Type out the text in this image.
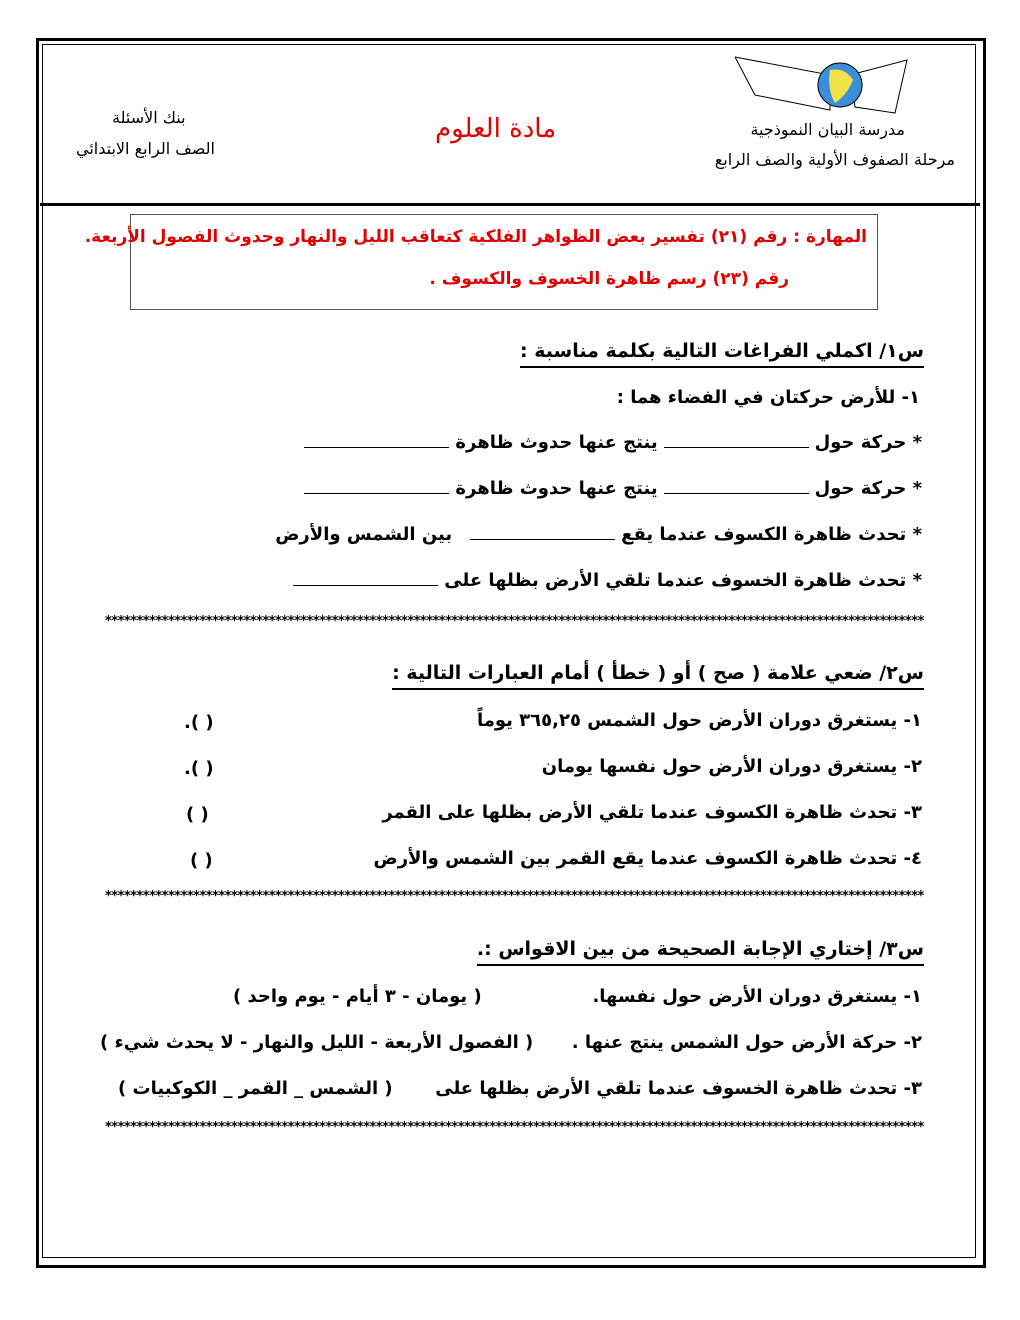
مدرسة البيان النموذجية
مرحلة الصفوف الأولية والصف الرابع
مادة العلوم
بنك الأسئلة
الصف الرابع الابتدائي
المهارة : رقم (٢١) تفسير بعض الظواهر الفلكية كتعاقب الليل والنهار وحدوث الفصول الأربعة.
رقم (٢٣) رسم ظاهرة الخسوف والكسوف .
س١/ اكملي الفراغات التالية بكلمة مناسبة :
١- للأرض حركتان في الفضاء هما :
* حركة حولينتج عنها حدوث ظاهرة
* حركة حولينتج عنها حدوث ظاهرة
* تحدث ظاهرة الكسوف عندما يقعبين الشمس والأرض
* تحدث ظاهرة الخسوف عندما تلقي الأرض بظلها على
**********************************************************************************************************************************
س٢/ ضعي علامة ( صح ) أو ( خطأ ) أمام العبارات التالية :
١- يستغرق دوران الأرض حول الشمس ٣٦٥,٢٥ يوماً
.( )
٢- يستغرق دوران الأرض حول نفسها يومان
.( )
٣- تحدث ظاهرة الكسوف عندما تلقي الأرض بظلها على القمر
( )
٤- تحدث ظاهرة الكسوف عندما يقع القمر بين الشمس والأرض
( )
**********************************************************************************************************************************
س٣/ إختاري الإجابة الصحيحة من بين الاقواس :.
١- يستغرق دوران الأرض حول نفسها.
( يومان - ٣ أيام - يوم واحد )
٢- حركة الأرض حول الشمس ينتج عنها .
( الفصول الأربعة - الليل والنهار - لا يحدث شيء )
٣- تحدث ظاهرة الخسوف عندما تلقي الأرض بظلها على
( الشمس _ القمر _ الكوكبيات )
**********************************************************************************************************************************
